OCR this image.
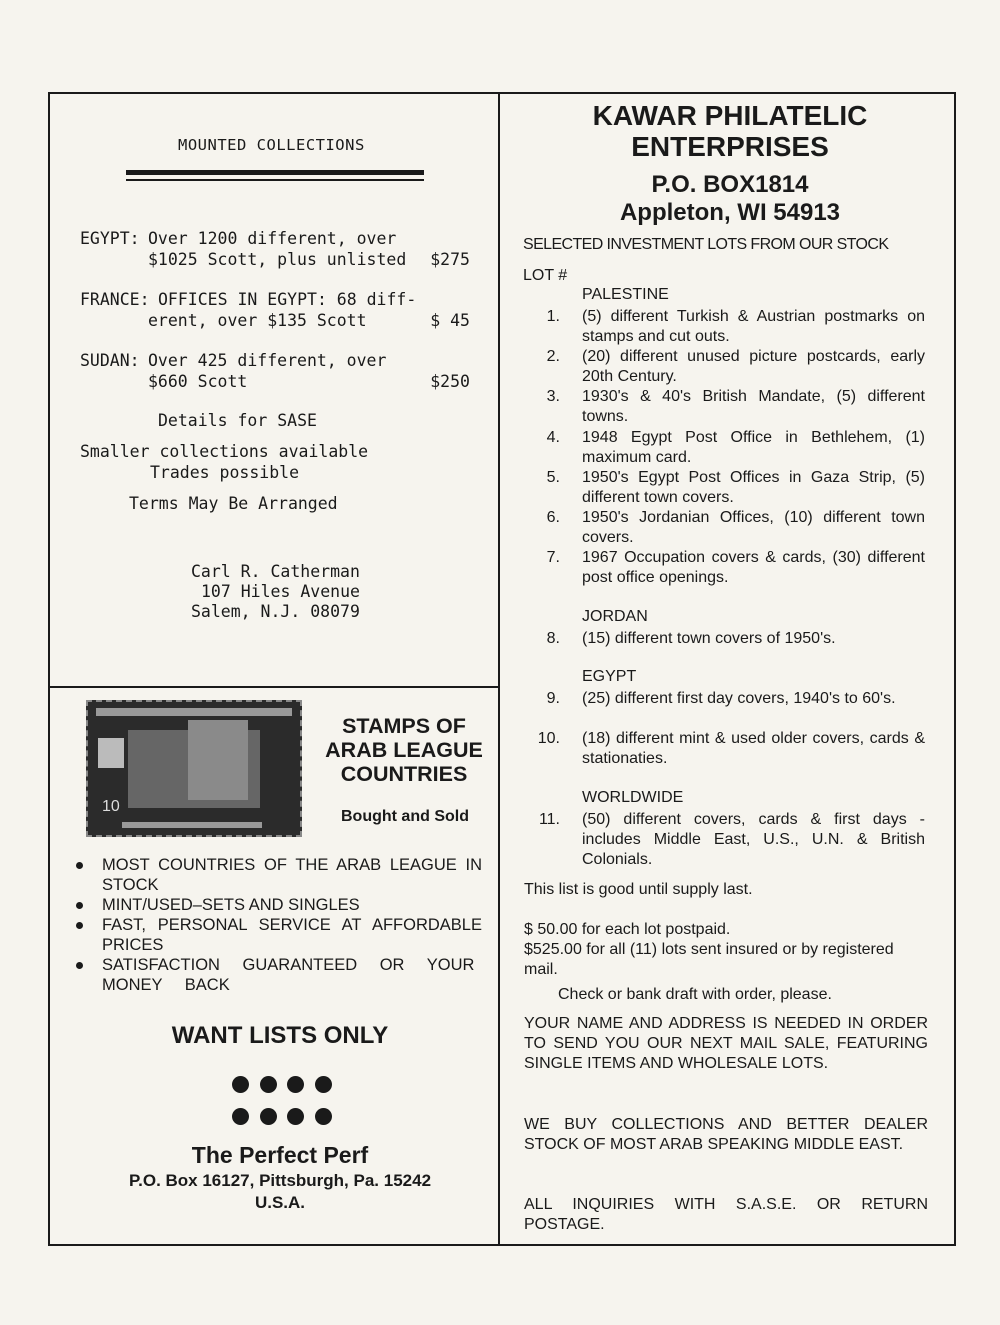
MOUNTED COLLECTIONS
EGYPT: Over 1200 different, over
$1025 Scott, plus unlisted $275
FRANCE: OFFICES IN EGYPT: 68 diff-
erent, over $135 Scott	$ 45
SUDAN: Over 425 different, over
$660 Scott	$250
Details for SASE
Smaller collections available
Trades possible
Terms May Be Arranged
Carl R. Catherman
107 Hiles Avenue
Salem, N.J. 08079
10
STAMPS OF
ARAB LEAGUE
COUNTRIES
Bought and Sold
MOST COUNTRIES OF THE ARAB LEAGUE IN STOCK
MINT/USED–SETS AND SINGLES
FAST, PERSONAL SERVICE AT AFFORDABLE PRICES
SATISFACTION GUARANTEED OR YOUR MONEY BACK
WANT LISTS ONLY
The Perfect Perf
P.O. Box 16127, Pittsburgh, Pa. 15242
U.S.A.
KAWAR PHILATELIC
ENTERPRISES
P.O. BOX1814
Appleton, WI 54913
SELECTED INVESTMENT LOTS FROM OUR STOCK
LOT #
PALESTINE
1. (5) different Turkish & Austrian postmarks on stamps and cut outs.
2. (20) different unused picture postcards, early 20th Century.
3. 1930's & 40's British Mandate, (5) different towns.
4. 1948 Egypt Post Office in Bethlehem, (1) maximum card.
5. 1950's Egypt Post Offices in Gaza Strip, (5) different town covers.
6. 1950's Jordanian Offices, (10) different town covers.
7. 1967 Occupation covers & cards, (30) different post office openings.
JORDAN
8. (15) different town covers of 1950's.
EGYPT
9. (25) different first day covers, 1940's to 60's.
10. (18) different mint & used older covers, cards & stationaties.
WORLDWIDE
11. (50) different covers, cards & first days - includes Middle East, U.S., U.N. & British Colonials.
This list is good until supply last.
$ 50.00 for each lot postpaid.
$525.00 for all (11) lots sent insured or by registered mail.
Check or bank draft with order, please.
YOUR NAME AND ADDRESS IS NEEDED IN ORDER TO SEND YOU OUR NEXT MAIL SALE, FEATURING SINGLE ITEMS AND WHOLESALE LOTS.
WE BUY COLLECTIONS AND BETTER DEALER STOCK OF MOST ARAB SPEAKING MIDDLE EAST.
ALL INQUIRIES WITH S.A.S.E. OR RETURN POSTAGE.
